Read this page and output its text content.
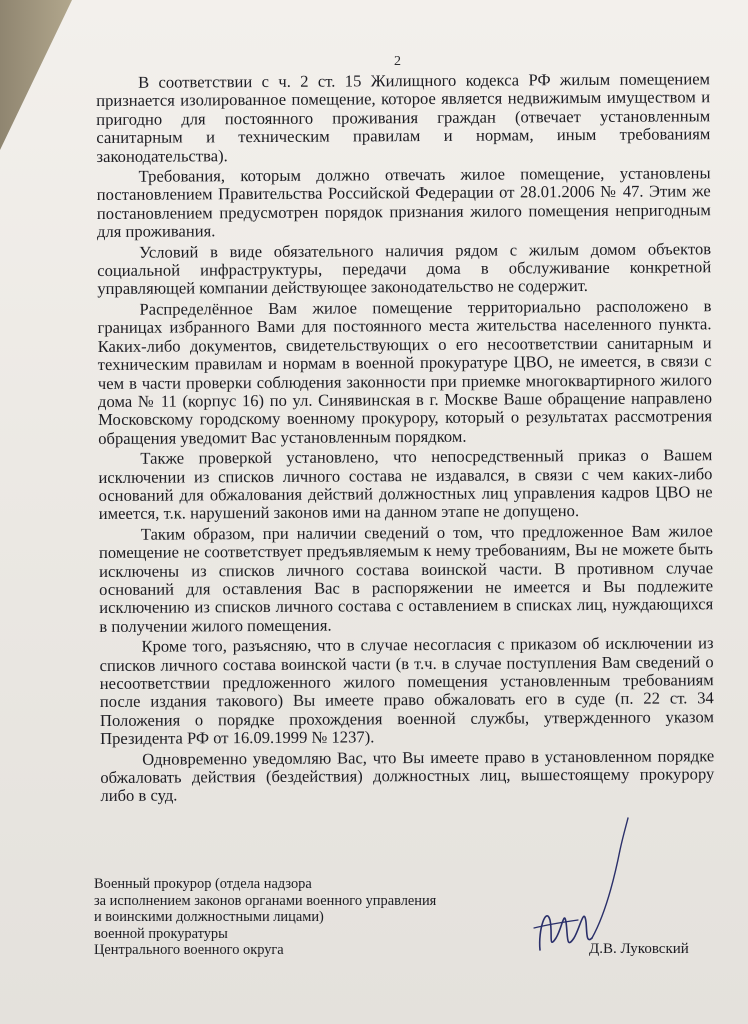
2

В соответствии с ч. 2 ст. 15 Жилищного кодекса РФ жилым помещением признается изолированное помещение, которое является недвижимым имуществом и пригодно для постоянного проживания граждан (отвечает установленным санитарным и техническим правилам и нормам, иным требованиям законодательства).

Требования, которым должно отвечать жилое помещение, установлены постановлением Правительства Российской Федерации от 28.01.2006 № 47. Этим же постановлением предусмотрен порядок признания жилого помещения непригодным для проживания.

Условий в виде обязательного наличия рядом с жилым домом объектов социальной инфраструктуры, передачи дома в обслуживание конкретной управляющей компании действующее законодательство не содержит.

Распределённое Вам жилое помещение территориально расположено в границах избранного Вами для постоянного места жительства населенного пункта. Каких-либо документов, свидетельствующих о его несоответствии санитарным и техническим правилам и нормам в военной прокуратуре ЦВО, не имеется, в связи с чем в части проверки соблюдения законности при приемке многоквартирного жилого дома № 11 (корпус 16) по ул. Синявинская в г. Москве Ваше обращение направлено Московскому городскому военному прокурору, который о результатах рассмотрения обращения уведомит Вас установленным порядком.

Также проверкой установлено, что непосредственный приказ о Вашем исключении из списков личного состава не издавался, в связи с чем каких-либо оснований для обжалования действий должностных лиц управления кадров ЦВО не имеется, т.к. нарушений законов ими на данном этапе не допущено.

Таким образом, при наличии сведений о том, что предложенное Вам жилое помещение не соответствует предъявляемым к нему требованиям, Вы не можете быть исключены из списков личного состава воинской части. В противном случае оснований для оставления Вас в распоряжении не имеется и Вы подлежите исключению из списков личного состава с оставлением в списках лиц, нуждающихся в получении жилого помещения.

Кроме того, разъясняю, что в случае несогласия с приказом об исключении из списков личного состава воинской части (в т.ч. в случае поступления Вам сведений о несоответствии предложенного жилого помещения установленным требованиям после издания такового) Вы имеете право обжаловать его в суде (п. 22 ст. 34 Положения о порядке прохождения военной службы, утвержденного указом Президента РФ от 16.09.1999 № 1237).

Одновременно уведомляю Вас, что Вы имеете право в установленном порядке обжаловать действия (бездействия) должностных лиц, вышестоящему прокурору либо в суд.

Военный прокурор (отдела надзора
за исполнением законов органами военного управления
и воинскими должностными лицами)
военной прокуратуры
Центрального военного округа	Д.В. Луковский
